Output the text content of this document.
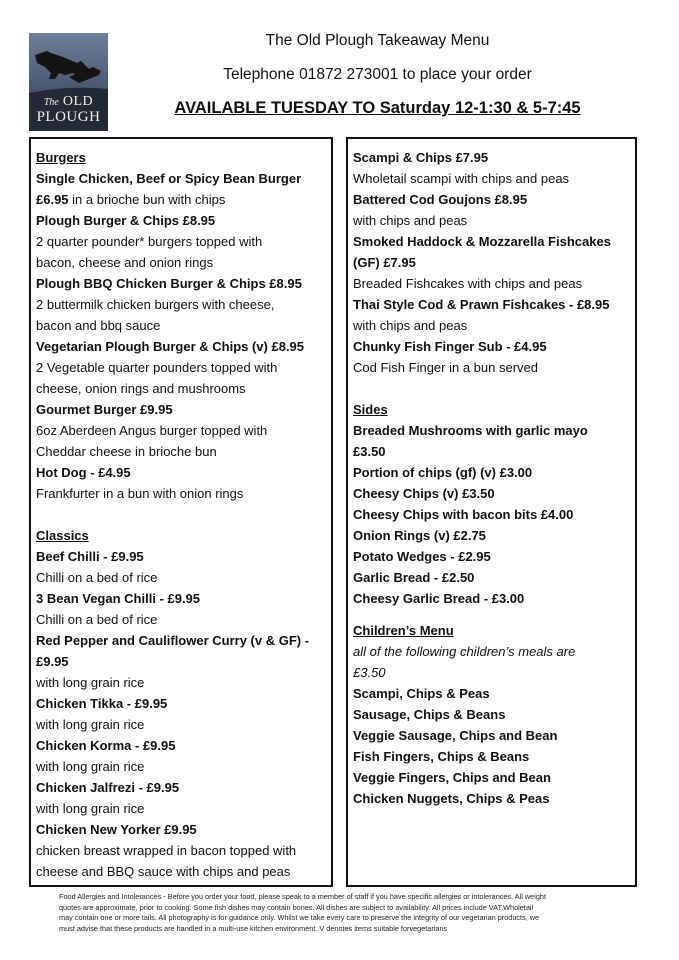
The OLD
PLOUGH
The Old Plough Takeaway Menu
Telephone 01872 273001 to place your order
AVAILABLE TUESDAY TO Saturday 12-1:30 & 5-7:45
Burgers
Single Chicken, Beef or Spicy Bean Burger
£6.95 in a brioche bun with chips
Plough Burger & Chips £8.95
2 quarter pounder* burgers topped with
bacon, cheese and onion rings
Plough BBQ Chicken Burger & Chips £8.95
2 buttermilk chicken burgers with cheese,
bacon and bbq sauce
Vegetarian Plough Burger & Chips (v) £8.95
2 Vegetable quarter pounders topped with
cheese, onion rings and mushrooms
Gourmet Burger £9.95
6oz Aberdeen Angus burger topped with
Cheddar cheese in brioche bun
Hot Dog - £4.95
Frankfurter in a bun with onion rings
Classics
Beef Chilli - £9.95
Chilli on a bed of rice
3 Bean Vegan Chilli - £9.95
Chilli on a bed of rice
Red Pepper and Cauliflower Curry (v & GF) -
£9.95
with long grain rice
Chicken Tikka - £9.95
with long grain rice
Chicken Korma - £9.95
with long grain rice
Chicken Jalfrezi - £9.95
with long grain rice
Chicken New Yorker £9.95
chicken breast wrapped in bacon topped with
cheese and BBQ sauce with chips and peas
Scampi & Chips £7.95
Wholetail scampi with chips and peas
Battered Cod Goujons £8.95
with chips and peas
Smoked Haddock & Mozzarella Fishcakes
(GF) £7.95
Breaded Fishcakes with chips and peas
Thai Style Cod & Prawn Fishcakes - £8.95
with chips and peas
Chunky Fish Finger Sub - £4.95
Cod Fish Finger in a bun served
Sides
Breaded Mushrooms with garlic mayo
£3.50
Portion of chips (gf) (v) £3.00
Cheesy Chips (v) £3.50
Cheesy Chips with bacon bits £4.00
Onion Rings (v) £2.75
Potato Wedges - £2.95
Garlic Bread - £2.50
Cheesy Garlic Bread - £3.00
Children’s Menu
all of the following children’s meals are
£3.50
Scampi, Chips & Peas
Sausage, Chips & Beans
Veggie Sausage, Chips and Bean
Fish Fingers, Chips & Beans
Veggie Fingers, Chips and Bean
Chicken Nuggets, Chips & Peas
Food Allergies and Intolerances - Before you order your food, please speak to a member of staff if you have specific allergies or intolerances. All weight
quotes are approximate, prior to cooking. Some fish dishes may contain bones. All dishes are subject to availability. All prices include VAT.Wholetail
may contain one or more tails. All photography is for guidance only. Whilst we take every care to preserve the integrity of our vegetarian products, we
must advise that these products are handled in a multi-use kitchen environment. V denotes items suitable forvegetarians
